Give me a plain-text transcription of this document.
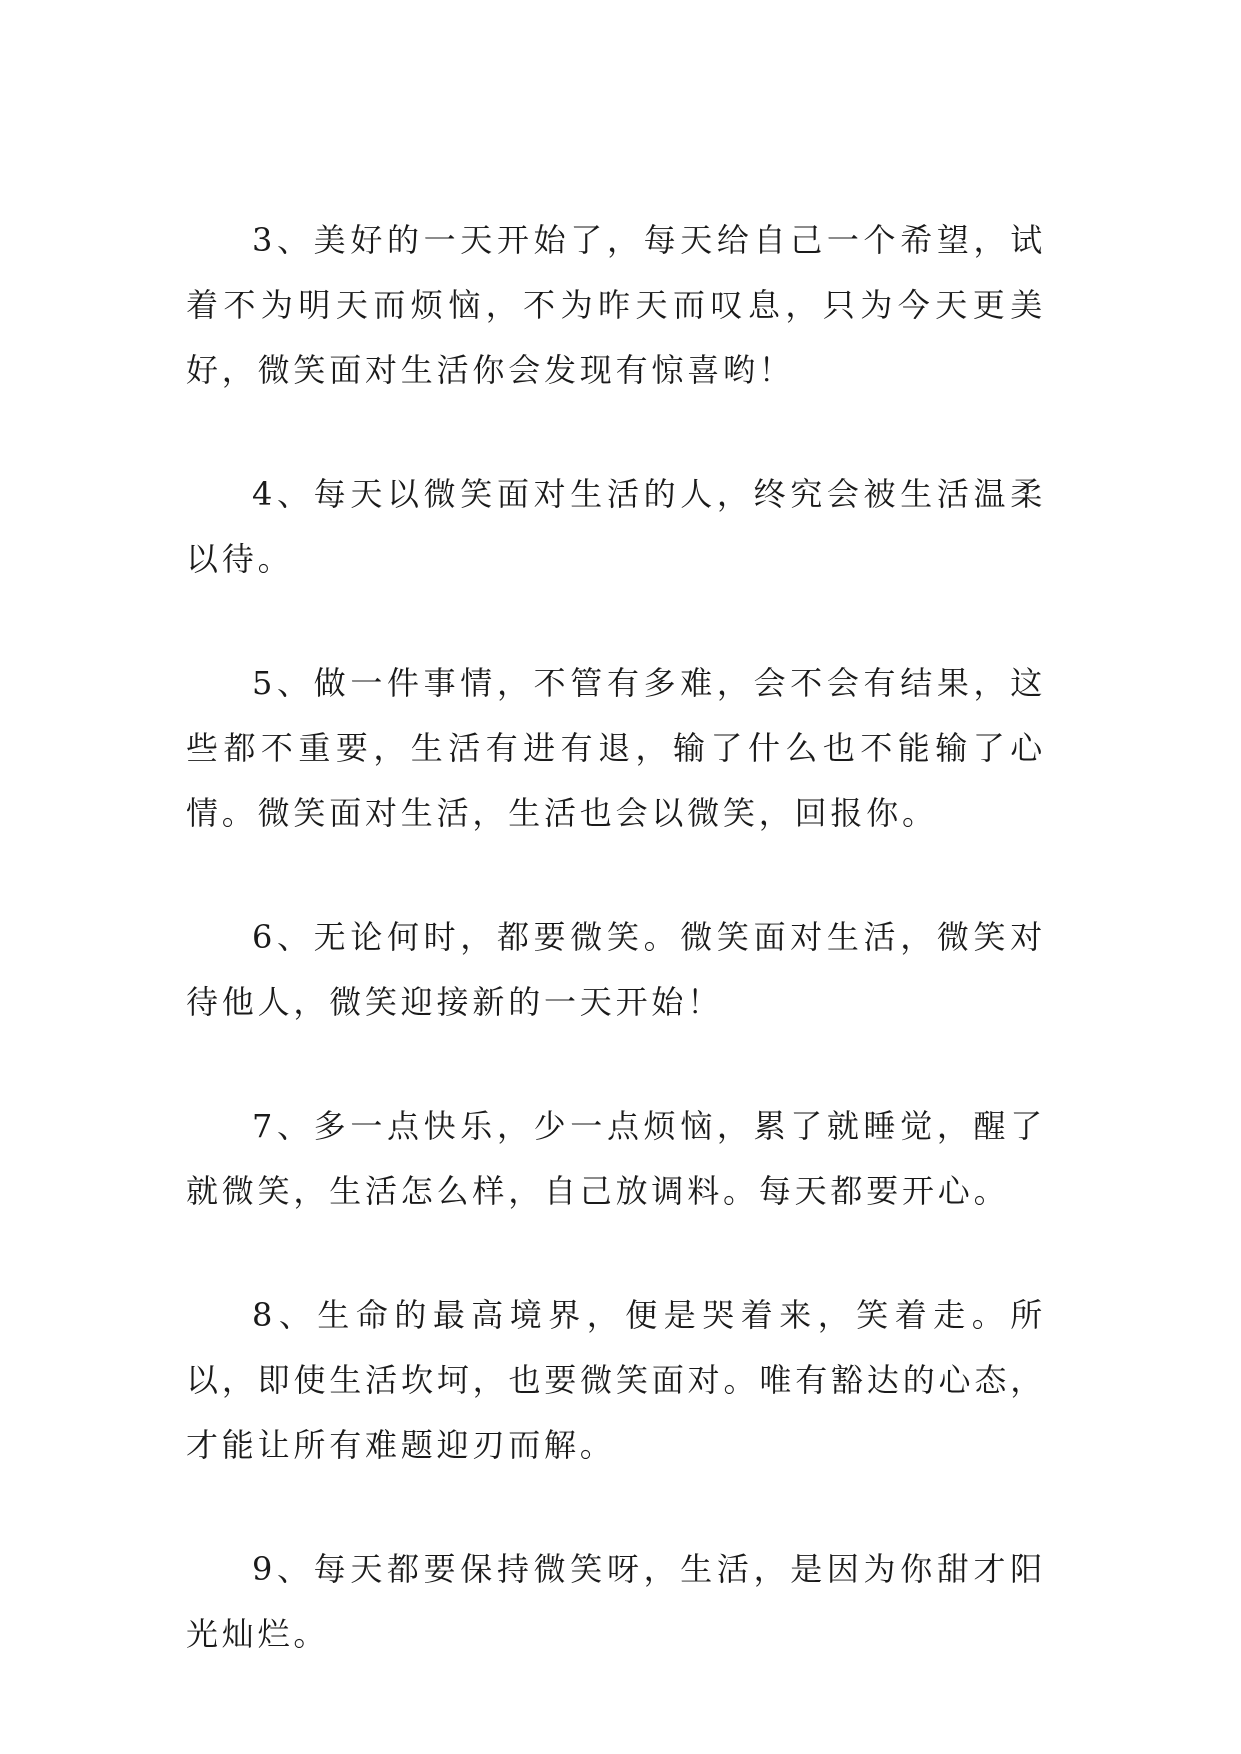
3、美好的一天开始了，每天给自己一个希望，试着不为明天而烦恼，不为昨天而叹息，只为今天更美好，微笑面对生活你会发现有惊喜哟！

4、每天以微笑面对生活的人，终究会被生活温柔以待。

5、做一件事情，不管有多难，会不会有结果，这些都不重要，生活有进有退，输了什么也不能输了心情。微笑面对生活，生活也会以微笑，回报你。

6、无论何时，都要微笑。微笑面对生活，微笑对待他人，微笑迎接新的一天开始！

7、多一点快乐，少一点烦恼，累了就睡觉，醒了就微笑，生活怎么样，自己放调料。每天都要开心。

8、生命的最高境界，便是哭着来，笑着走。所以，即使生活坎坷，也要微笑面对。唯有豁达的心态，才能让所有难题迎刃而解。

9、每天都要保持微笑呀，生活，是因为你甜才阳光灿烂。
